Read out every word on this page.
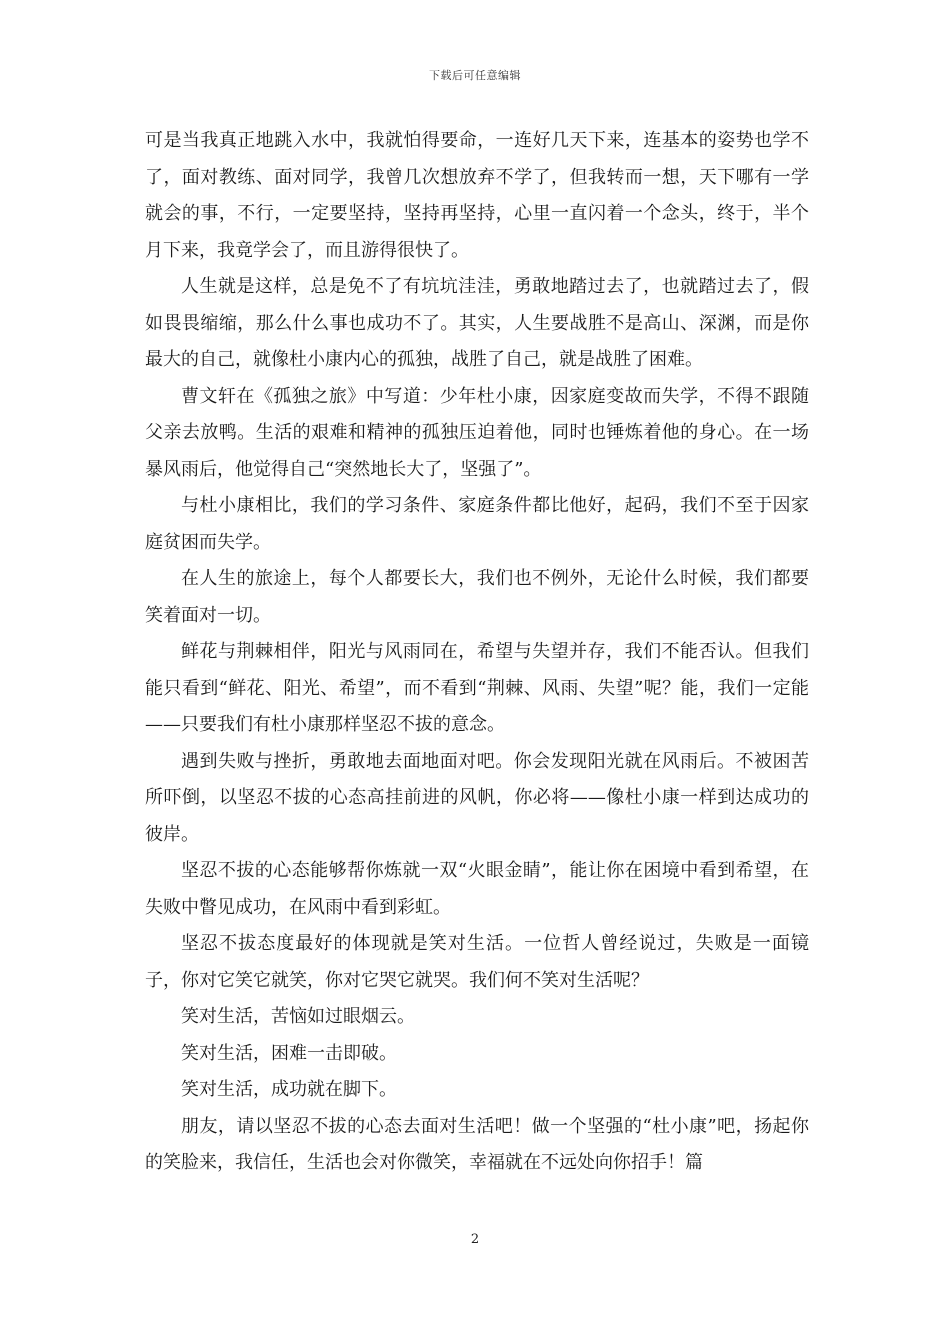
下载后可任意编辑

可是当我真正地跳入水中，我就怕得要命，一连好几天下来，连基本的姿势也学不了，面对教练、面对同学，我曾几次想放弃不学了，但我转而一想，天下哪有一学就会的事，不行，一定要坚持，坚持再坚持，心里一直闪着一个念头，终于，半个月下来，我竟学会了，而且游得很快了。

人生就是这样，总是免不了有坑坑洼洼，勇敢地踏过去了，也就踏过去了，假如畏畏缩缩，那么什么事也成功不了。其实，人生要战胜不是高山、深渊，而是你最大的自己，就像杜小康内心的孤独，战胜了自己，就是战胜了困难。

曹文轩在《孤独之旅》中写道：少年杜小康，因家庭变故而失学，不得不跟随父亲去放鸭。生活的艰难和精神的孤独压迫着他，同时也锤炼着他的身心。在一场暴风雨后，他觉得自己“突然地长大了，坚强了”。

与杜小康相比，我们的学习条件、家庭条件都比他好，起码，我们不至于因家庭贫困而失学。

在人生的旅途上，每个人都要长大，我们也不例外，无论什么时候，我们都要笑着面对一切。

鲜花与荆棘相伴，阳光与风雨同在，希望与失望并存，我们不能否认。但我们能只看到“鲜花、阳光、希望”，而不看到“荆棘、风雨、失望”呢？能，我们一定能——只要我们有杜小康那样坚忍不拔的意念。

遇到失败与挫折，勇敢地去面地面对吧。你会发现阳光就在风雨后。不被困苦所吓倒，以坚忍不拔的心态高挂前进的风帆，你必将——像杜小康一样到达成功的彼岸。

坚忍不拔的心态能够帮你炼就一双“火眼金睛”，能让你在困境中看到希望，在失败中瞥见成功，在风雨中看到彩虹。

坚忍不拔态度最好的体现就是笑对生活。一位哲人曾经说过，失败是一面镜子，你对它笑它就笑，你对它哭它就哭。我们何不笑对生活呢？

笑对生活，苦恼如过眼烟云。

笑对生活，困难一击即破。

笑对生活，成功就在脚下。

朋友，请以坚忍不拔的心态去面对生活吧！做一个坚强的“杜小康”吧，扬起你的笑脸来，我信任，生活也会对你微笑，幸福就在不远处向你招手！篇

2
